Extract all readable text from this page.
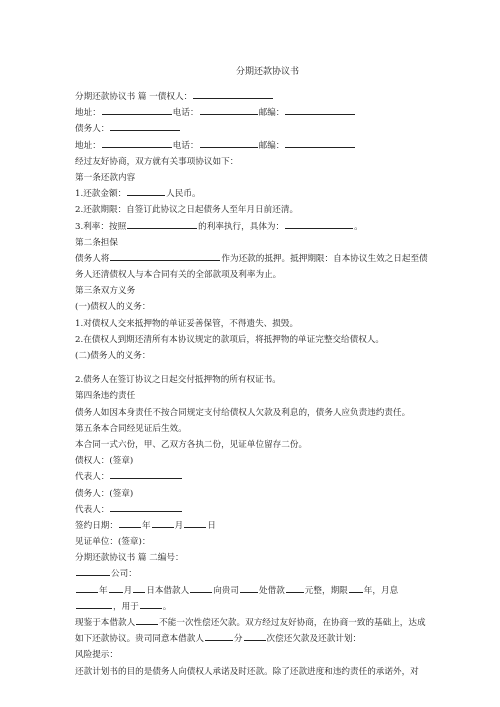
分期还款协议书
分期还款协议书 篇 一债权人：
地址：	电话：	邮编：
债务人：
地址：	电话：	邮编：
经过友好协商，双方就有关事项协议如下：
第一条还款内容
1.还款金额：	人民币。
2.还款期限：自签订此协议之日起债务人至年月日前还清。
3.利率：按照	的利率执行，具体为：	。
第二条担保
债务人将	作为还款的抵押。抵押期限：自本协议生效之日起至债务人还清债权人与本合同有关的全部款项及利率为止。
第三条双方义务
(一)债权人的义务：
1.对债权人交来抵押物的单证妥善保管，不得遗失、损毁。
2.在债权人到期还清所有本协议规定的款项后，将抵押物的单证完整交给债权人。
(二)债务人的义务：
2.债务人在签订协议之日起交付抵押物的所有权证书。
第四条违约责任
债务人如因本身责任不按合同规定支付给债权人欠款及利息的，债务人应负责违约责任。
第五条本合同经见证后生效。
本合同一式六份，甲、乙双方各执二份，见证单位留存二份。
债权人：(签章)
代表人：
债务人：(签章)
代表人：
签约日期：	年	月	日
见证单位：(签章)：
分期还款协议书 篇 二编号：
公司：
年 月 日本借款人	向贵司 处借款 元整，期限 年，月息
，用于	。
现鉴于本借款人	不能一次性偿还欠款。双方经过友好协商，在协商一致的基础上，达成如下还款协议。贵司同意本借款人	分	次偿还欠款及还款计划：
风险提示：
还款计划书的目的是债务人向债权人承诺及时还款。除了还款进度和违约责任的承诺外，对
